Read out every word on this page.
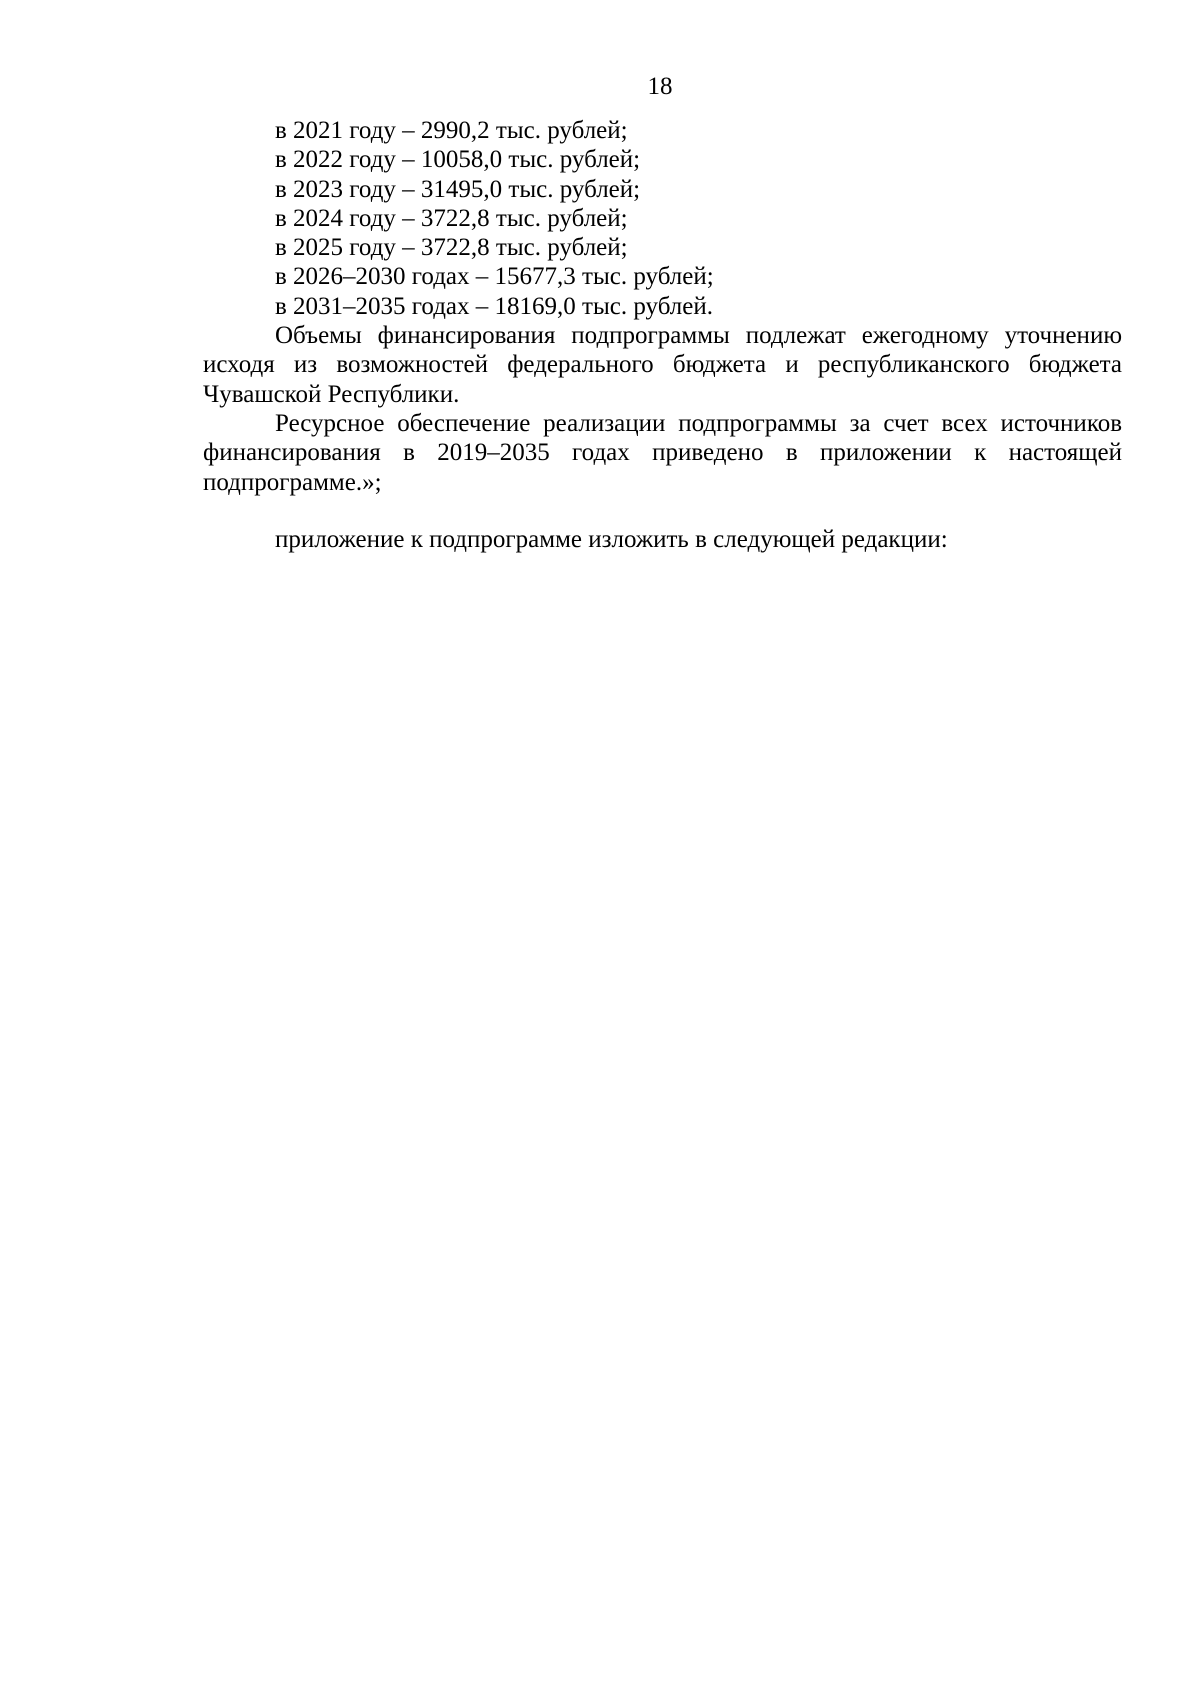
18
в 2021 году – 2990,2 тыс. рублей;
в 2022 году – 10058,0 тыс. рублей;
в 2023 году – 31495,0 тыс. рублей;
в 2024 году – 3722,8 тыс. рублей;
в 2025 году – 3722,8 тыс. рублей;
в 2026–2030 годах – 15677,3 тыс. рублей;
в 2031–2035 годах – 18169,0 тыс. рублей.

Объемы финансирования подпрограммы подлежат ежегодному уточнению исходя из возможностей федерального бюджета и республиканского бюджета Чувашской Республики.

Ресурсное обеспечение реализации подпрограммы за счет всех источников финансирования в 2019–2035 годах приведено в приложении к настоящей подпрограмме.»;

приложение к подпрограмме изложить в следующей редакции:
